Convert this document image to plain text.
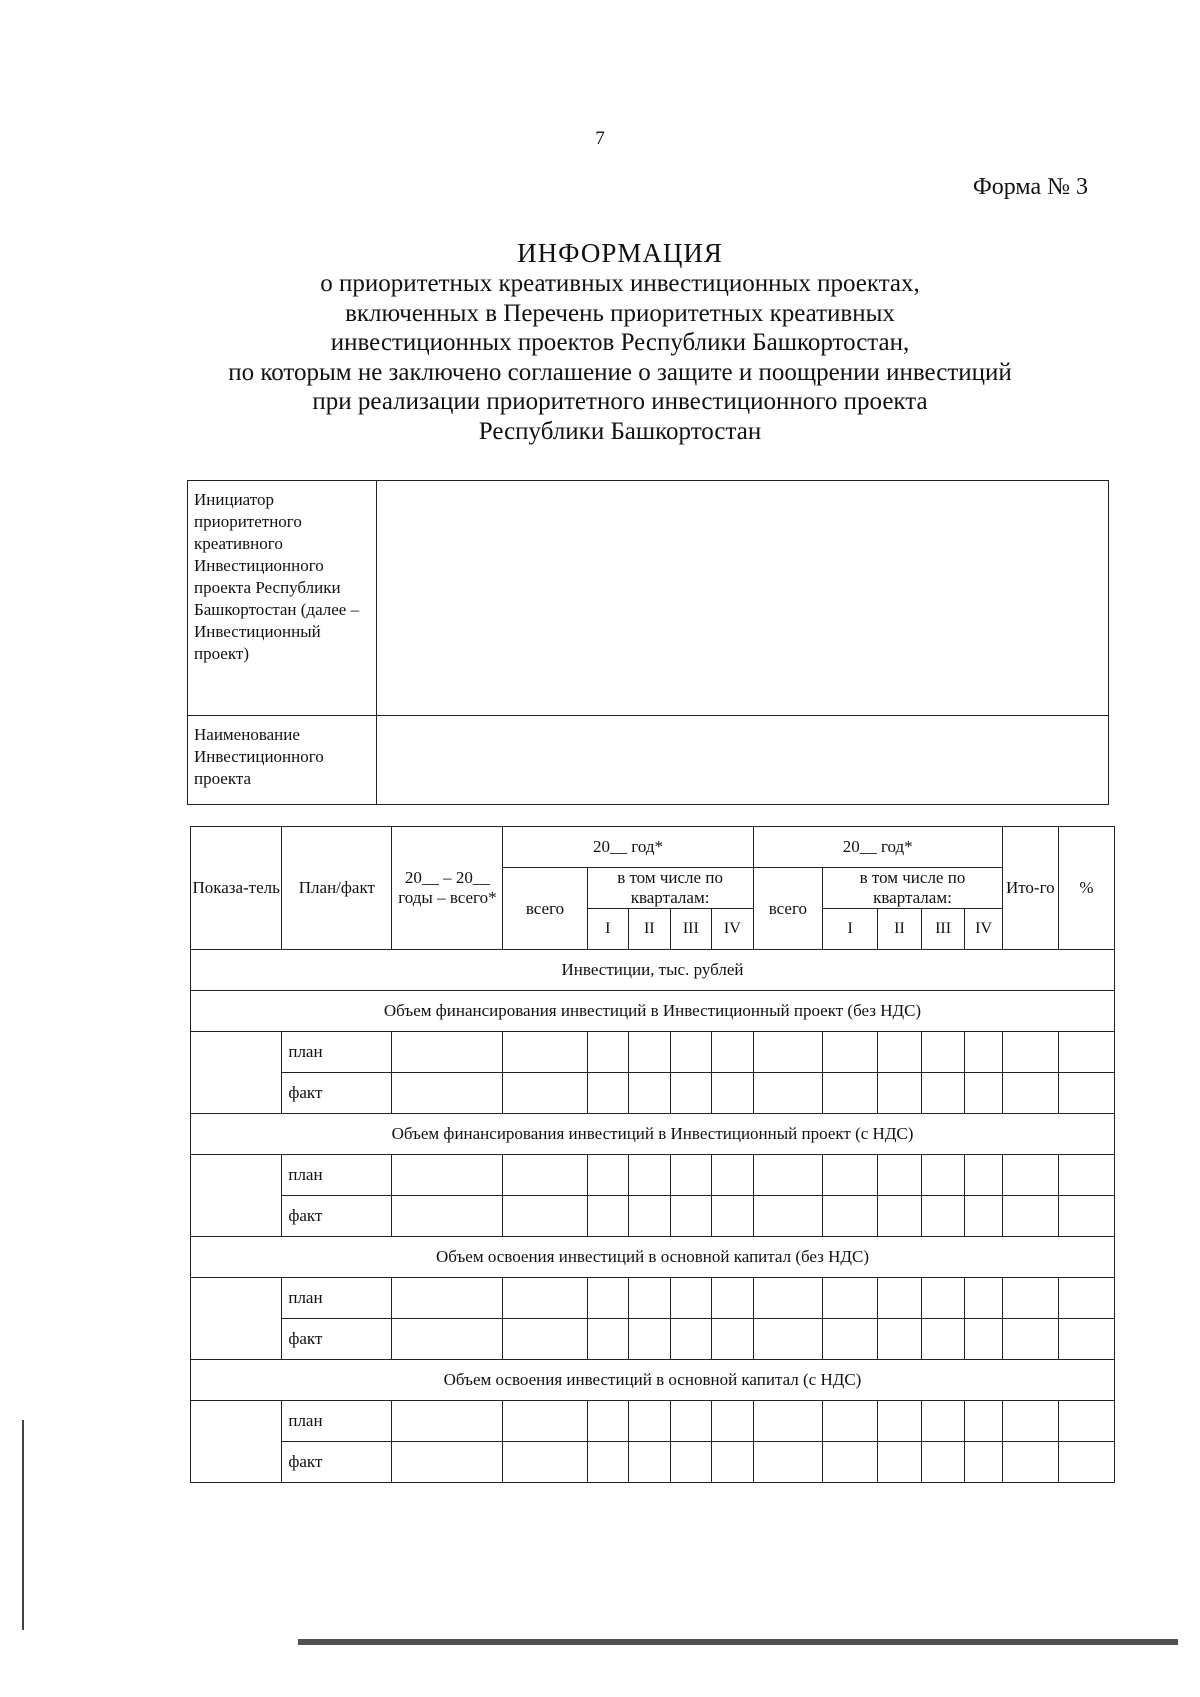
7
Форма № 3
ИНФОРМАЦИЯ
о приоритетных креативных инвестиционных проектах,
включенных в Перечень приоритетных креативных
инвестиционных проектов Республики Башкортостан,
по которым не заключено соглашение о защите и поощрении инвестиций
при реализации приоритетного инвестиционного проекта
Республики Башкортостан
Инициатор приоритетного креативного Инвестиционного проекта Республики Башкортостан (далее – Инвестиционный проект)	
Наименование Инвестиционного проекта	
Показа-тель	План/факт	20__ – 20__ годы – всего*	20__ год*					20__ год*					Ито-го	%
			всего	в том числе по кварталам:				всего	в том числе по кварталам:					
				I	II	III	IV		I	II	III	IV		
Инвестиции, тыс. рублей														
Объем финансирования инвестиций в Инвестиционный проект (без НДС)														
	план													
	факт													
Объем финансирования инвестиций в Инвестиционный проект (с НДС)														
	план													
	факт													
Объем освоения инвестиций в основной капитал (без НДС)														
	план													
	факт													
Объем освоения инвестиций в основной капитал (с НДС)														
	план													
	факт													
